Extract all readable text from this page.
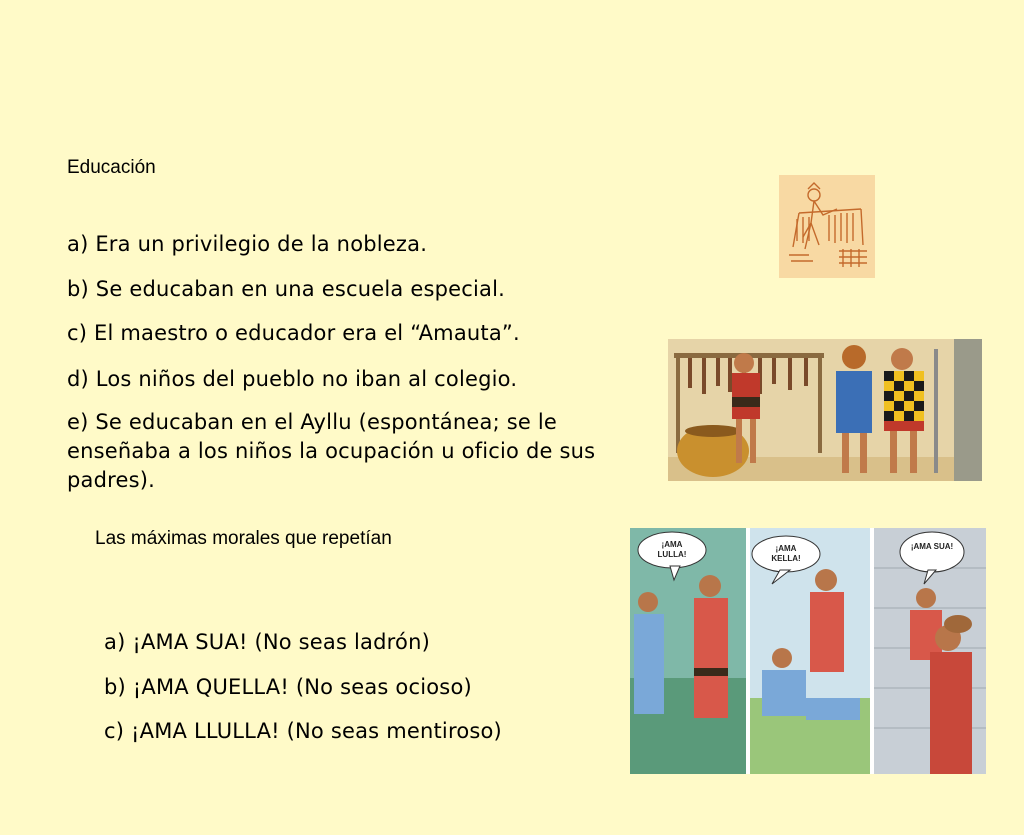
Educación
a) Era un privilegio de la nobleza.
b) Se educaban en una escuela especial.
c) El maestro o educador era el “Amauta”.
d) Los niños del pueblo no iban al colegio.
e) Se educaban en el Ayllu (espontánea; se le enseñaba a los niños la ocupación u oficio de sus padres).
Las máximas morales que repetían
a) ¡AMA SUA! (No seas ladrón)
b) ¡AMA QUELLA! (No seas ocioso)
c) ¡AMA LLULLA! (No seas mentiroso)
¡AMA LULLA!
¡AMA KELLA!
¡AMA SUA!
